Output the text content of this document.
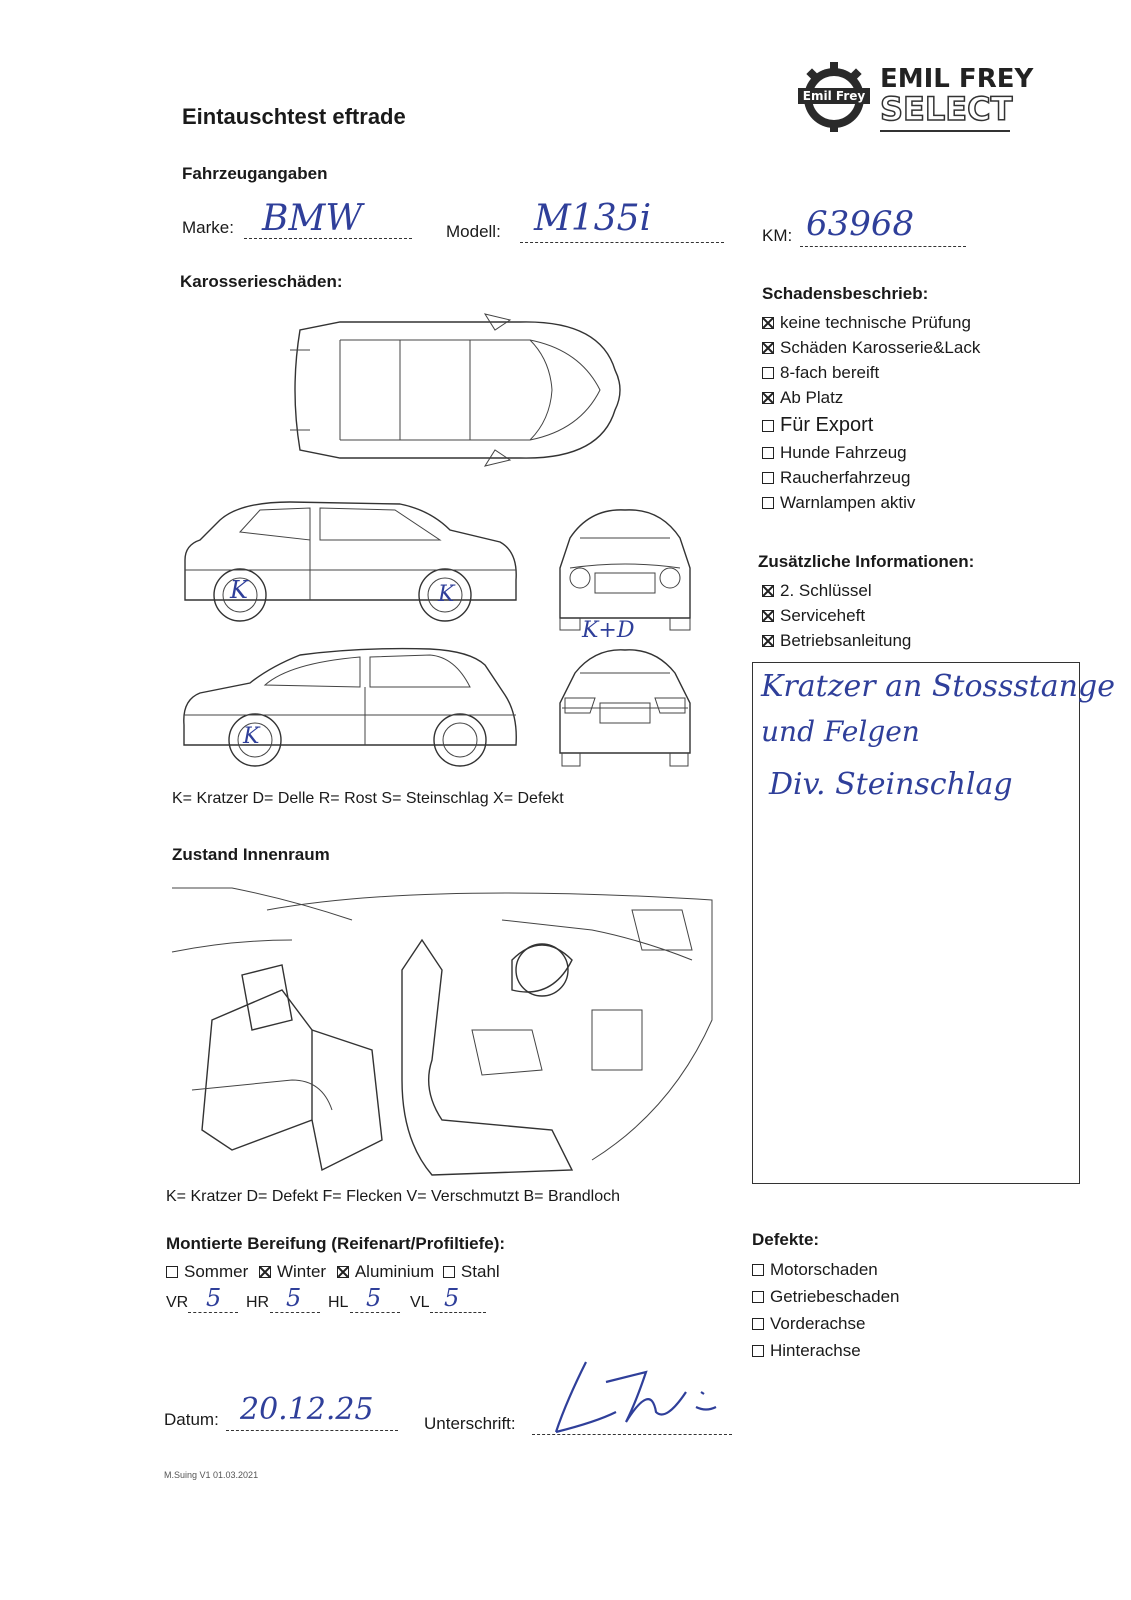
Eintauschtest eftrade
Emil Frey
EMIL FREY
SELECT
Fahrzeugangaben
Marke: BMW	Modell: M135i	KM: 63968
Karosserieschäden:
K	K
K+D
K
K= Kratzer D= Delle R= Rost S= Steinschlag X= Defekt
Schadensbeschrieb:
keine technische Prüfung
Schäden Karosserie&Lack
8-fach bereift
Ab Platz
Für Export
Hunde Fahrzeug
Raucherfahrzeug
Warnlampen aktiv
Zusätzliche Informationen:
2. Schlüssel
Serviceheft
Betriebsanleitung
Kratzer an Stossstange
und Felgen
Div. Steinschlag
Zustand Innenraum
K= Kratzer D= Defekt F= Flecken V= Verschmutzt B= Brandloch
Montierte Bereifung (Reifenart/Profiltiefe):
Sommer Winter Aluminium Stahl
VR 5 HR 5 HL 5 VL 5
Defekte:
Motorschaden
Getriebeschaden
Vorderachse
Hinterachse
Datum: 20.12.25	Unterschrift:
M.Suing V1 01.03.2021
